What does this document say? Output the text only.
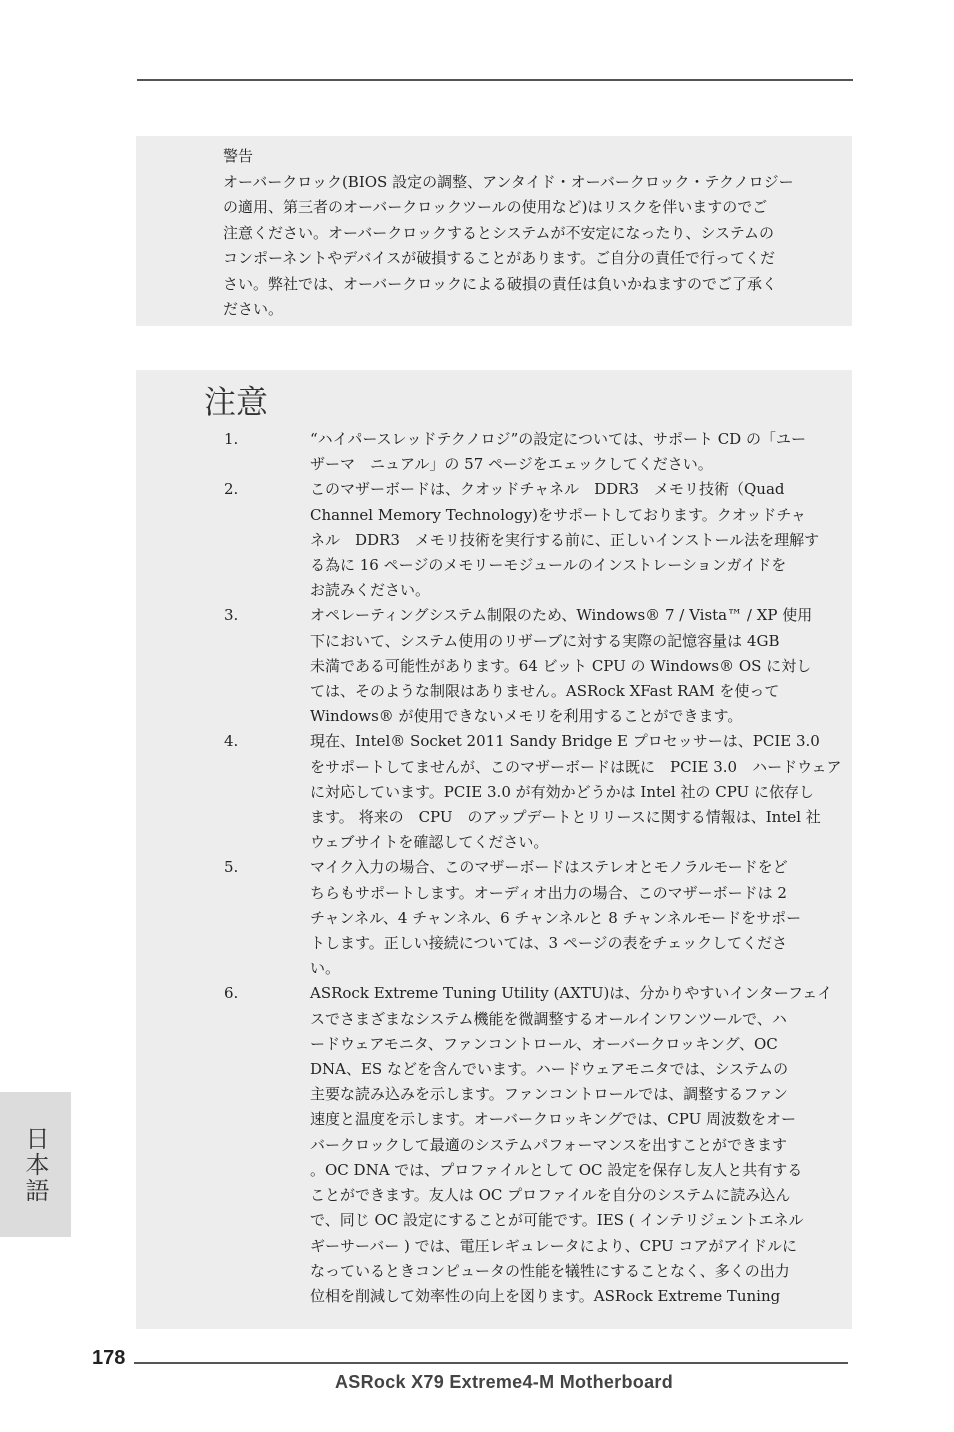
警告
オーバークロック(BIOS 設定の調整、アンタイド・オーバークロック・テクノロジー
の適用、第三者のオーバークロックツールの使用など)はリスクを伴いますのでご
注意ください。オーバークロックするとシステムが不安定になったり、システムの
コンポーネントやデバイスが破損することがあります。ご自分の責任で行ってくだ
さい。弊社では、オーバークロックによる破損の責任は負いかねますのでご了承く
ださい。
注意
1.	“ハイパースレッドテクノロジ”の設定については、サポート CD の「ユー
ザーマ　ニュアル」の 57 ページをエェックしてください。
2.	このマザーボードは、クオッドチャネル　DDR3　メモリ技術（Quad
Channel Memory Technology)をサポートしております。クオッドチャ
ネル　DDR3　メモリ技術を実行する前に、正しいインストール法を理解す
る為に 16 ページのメモリーモジュールのインストレーションガイドを
お読みください。
3.	オペレーティングシステム制限のため、Windows® 7 / Vista™ / XP 使用
下において、システム使用のリザーブに対する実際の記憶容量は 4GB
未満である可能性があります。64 ビット CPU の Windows® OS に対し
ては、そのような制限はありません。ASRock XFast RAM を使って
Windows® が使用できないメモリを利用することができます。
4.	現在、Intel® Socket 2011 Sandy Bridge E プロセッサーは、PCIE 3.0
をサポートしてませんが、このマザーボードは既に　PCIE 3.0　ハードウェア
に対応しています。PCIE 3.0 が有効かどうかは Intel 社の CPU に依存し
ます。 将来の　CPU　のアップデートとリリースに関する情報は、Intel 社
ウェブサイトを確認してください。
5.	マイク入力の場合、このマザーボードはステレオとモノラルモードをど
ちらもサポートします。オーディオ出力の場合、このマザーボードは 2
チャンネル、4 チャンネル、6 チャンネルと 8 チャンネルモードをサポー
トします。正しい接続については、3 ページの表をチェックしてくださ
い。
6.	ASRock Extreme Tuning Utility (AXTU)は、分かりやすいインターフェイ
スでさまざまなシステム機能を微調整するオールインワンツールで、ハ
ードウェアモニタ、ファンコントロール、オーバークロッキング、OC
DNA、ES などを含んでいます。ハードウェアモニタでは、システムの
主要な読み込みを示します。ファンコントロールでは、調整するファン
速度と温度を示します。オーバークロッキングでは、CPU 周波数をオー
バークロックして最適のシステムパフォーマンスを出すことができます
。OC DNA では、プロファイルとして OC 設定を保存し友人と共有する
ことができます。友人は OC プロファイルを自分のシステムに読み込ん
で、同じ OC 設定にすることが可能です。IES ( インテリジェントエネル
ギーサーバー ) では、電圧レギュレータにより、CPU コアがアイドルに
なっているときコンピュータの性能を犠牲にすることなく、多くの出力
位相を削減して効率性の向上を図ります。ASRock Extreme Tuning
日本語
178
ASRock X79 Extreme4-M Motherboard
